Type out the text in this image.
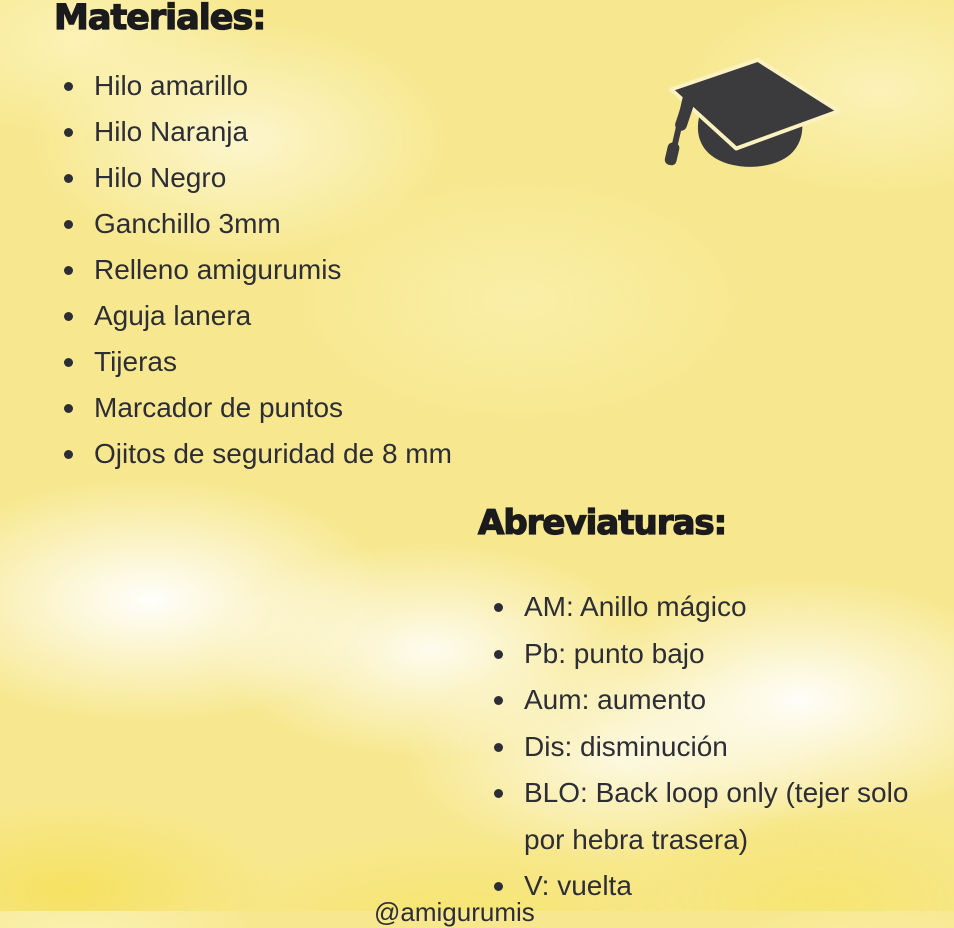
Materiales:
Hilo amarillo
Hilo Naranja
Hilo Negro
Ganchillo 3mm
Relleno amigurumis
Aguja lanera
Tijeras
Marcador de puntos
Ojitos de seguridad de 8 mm
Abreviaturas:
AM: Anillo mágico
Pb: punto bajo
Aum: aumento
Dis: disminución
BLO: Back loop only (tejer solo por hebra trasera)
V: vuelta
@amigurumis
